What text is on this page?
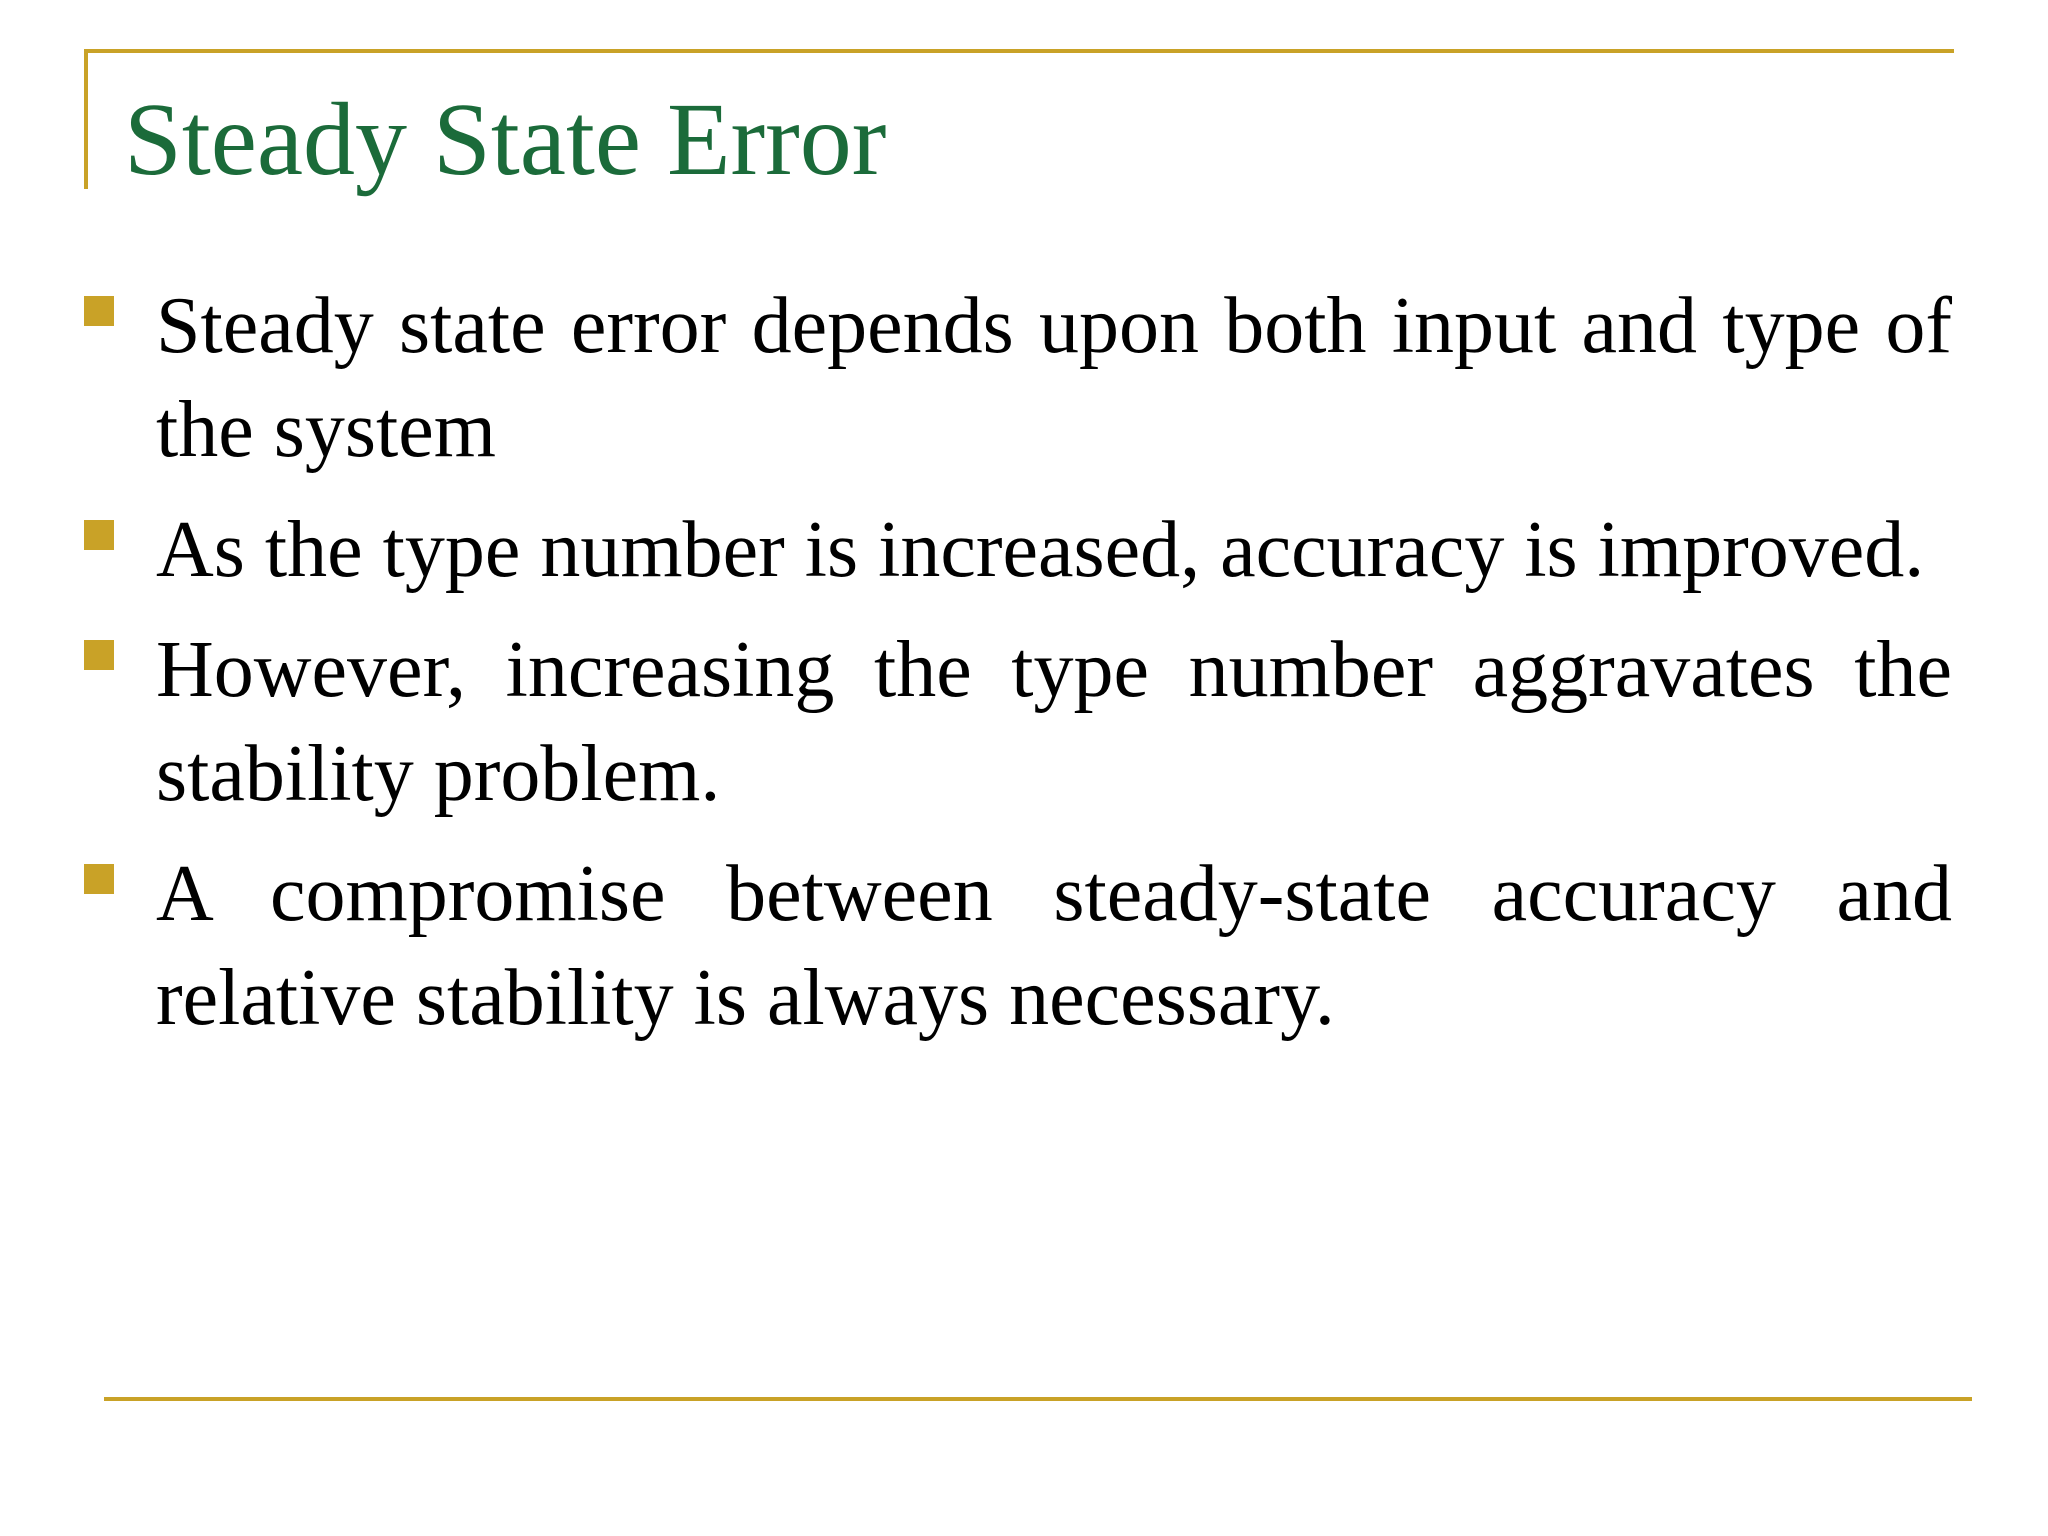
Steady State Error
Steady state error depends upon both input and type of the system
As the type number is increased, accuracy is improved.
However, increasing the type number aggravates the stability problem.
A compromise between steady-state accuracy and relative stability is always necessary.
